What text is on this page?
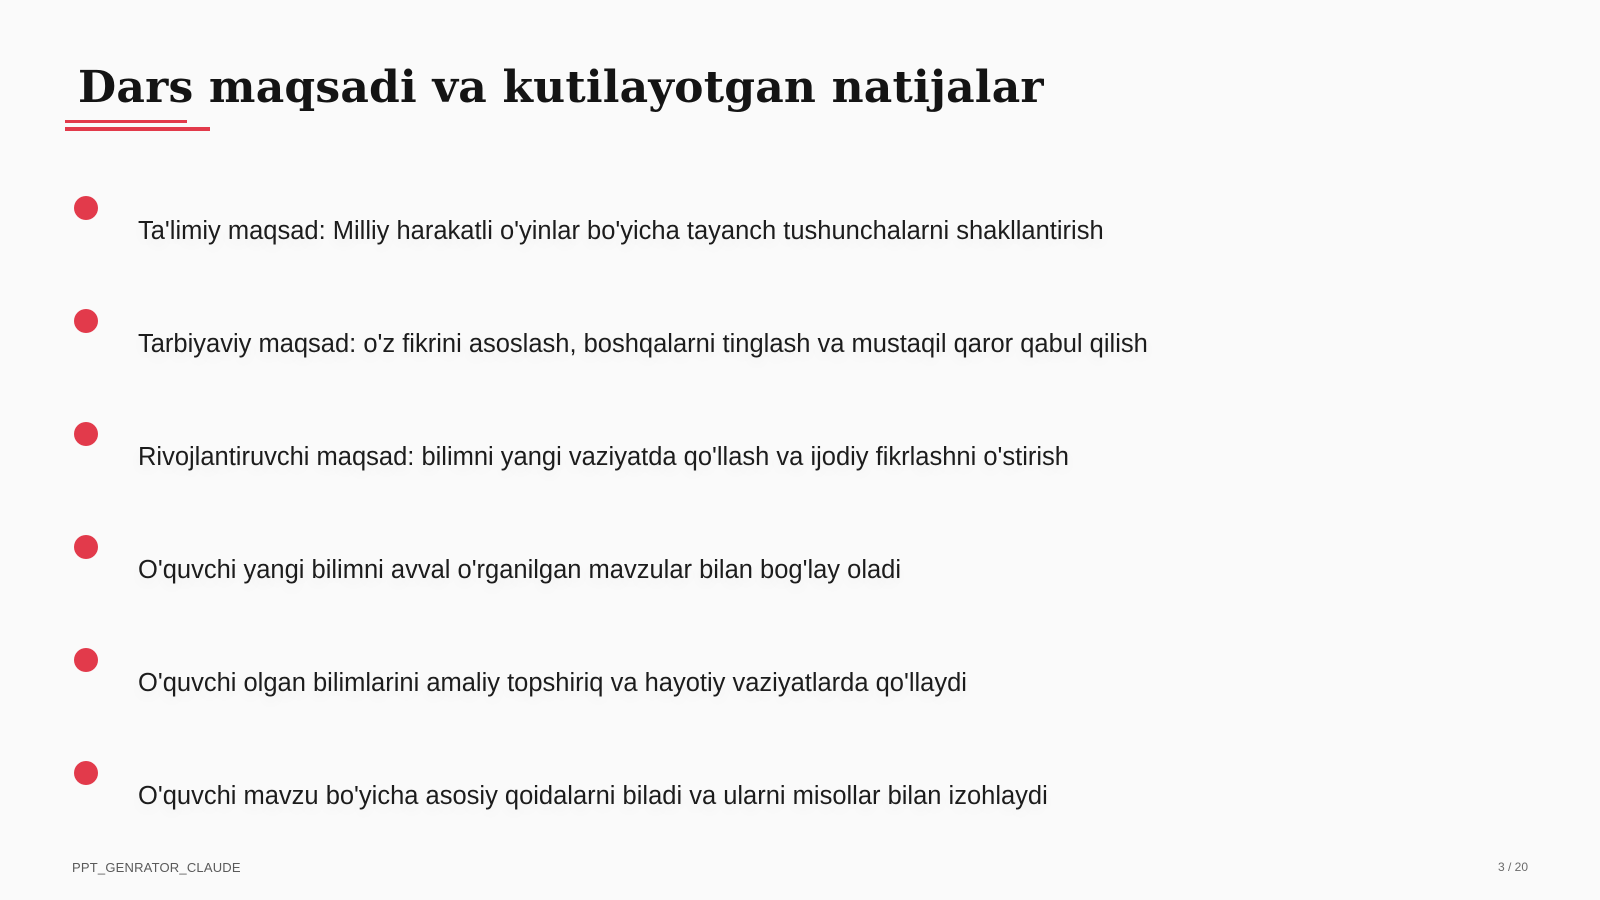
Dars maqsadi va kutilayotgan natijalar
Ta'limiy maqsad: Milliy harakatli o'yinlar bo'yicha tayanch tushunchalarni shakllantirish
Tarbiyaviy maqsad: o'z fikrini asoslash, boshqalarni tinglash va mustaqil qaror qabul qilish
Rivojlantiruvchi maqsad: bilimni yangi vaziyatda qo'llash va ijodiy fikrlashni o'stirish
O'quvchi yangi bilimni avval o'rganilgan mavzular bilan bog'lay oladi
O'quvchi olgan bilimlarini amaliy topshiriq va hayotiy vaziyatlarda qo'llaydi
O'quvchi mavzu bo'yicha asosiy qoidalarni biladi va ularni misollar bilan izohlaydi
PPT_GENRATOR_CLAUDE	3 / 20
